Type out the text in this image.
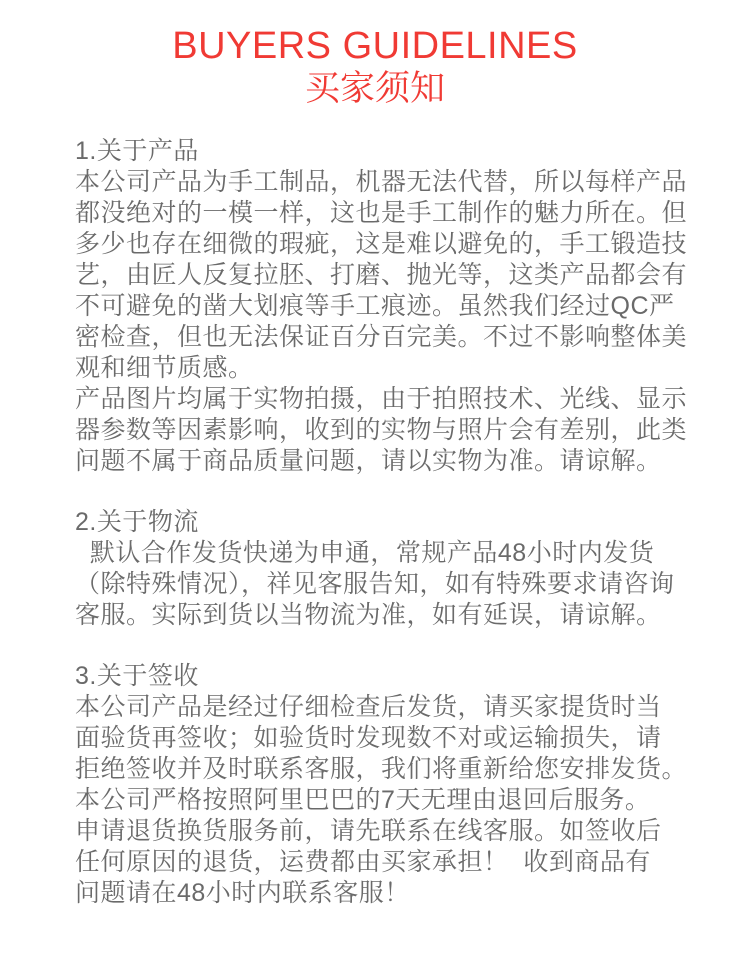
BUYERS GUIDELINES
买家须知
1.关于产品
本公司产品为手工制品，机器无法代替，所以每样产品
都没绝对的一模一样，这也是手工制作的魅力所在。但
多少也存在细微的瑕疵，这是难以避免的，手工锻造技
艺，由匠人反复拉胚、打磨、抛光等，这类产品都会有
不可避免的凿大划痕等手工痕迹。虽然我们经过QC严
密检查，但也无法保证百分百完美。不过不影响整体美
观和细节质感。
产品图片均属于实物拍摄，由于拍照技术、光线、显示
器参数等因素影响，收到的实物与照片会有差别，此类
问题不属于商品质量问题，请以实物为准。请谅解。
2.关于物流
默认合作发货快递为申通，常规产品48小时内发货
（除特殊情况），祥见客服告知，如有特殊要求请咨询
客服。实际到货以当物流为准，如有延误，请谅解。
3.关于签收
本公司产品是经过仔细检查后发货，请买家提货时当
面验货再签收；如验货时发现数不对或运输损失，请
拒绝签收并及时联系客服，我们将重新给您安排发货。
本公司严格按照阿里巴巴的7天无理由退回后服务。
申请退货换货服务前，请先联系在线客服。如签收后
任何原因的退货，运费都由买家承担！  收到商品有
问题请在48小时内联系客服！
